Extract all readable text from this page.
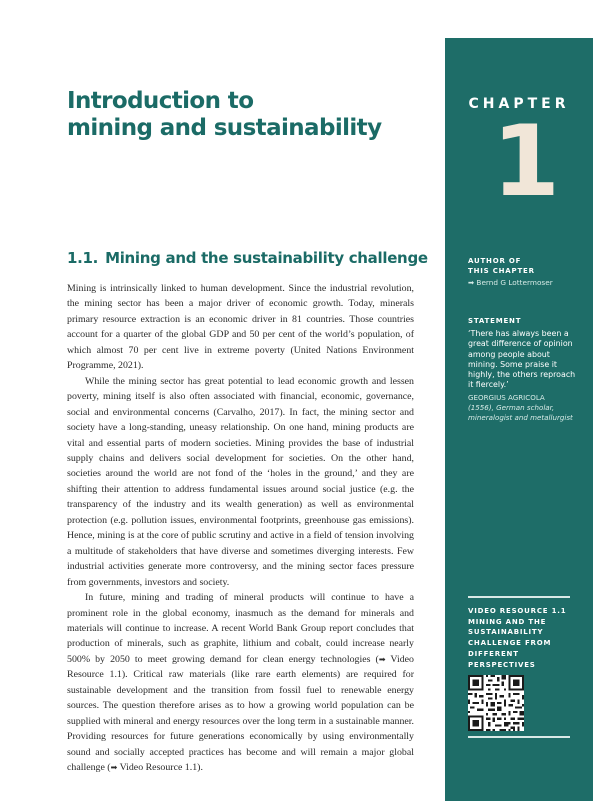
Introduction to
mining and sustainability
1.1. Mining and the sustainability challenge

Mining is intrinsically linked to human development. Since the industrial revolution, the mining sector has been a major driver of economic growth. Today, minerals primary resource extraction is an economic driver in 81 countries. Those countries account for a quarter of the global GDP and 50 per cent of the world’s population, of which almost 70 per cent live in extreme poverty (United Nations Environment Programme, 2021).

While the mining sector has great potential to lead economic growth and lessen poverty, mining itself is also often associated with financial, economic, governance, social and environmental concerns (Carvalho, 2017). In fact, the mining sector and society have a long-standing, uneasy relationship. On one hand, mining products are vital and essential parts of modern societies. Mining provides the base of industrial supply chains and delivers social development for societies. On the other hand, societies around the world are not fond of the ‘holes in the ground,’ and they are shifting their attention to address fundamental issues around social justice (e.g. the transparency of the industry and its wealth generation) as well as environmental protection (e.g. pollution issues, environmental footprints, greenhouse gas emissions). Hence, mining is at the core of public scrutiny and active in a field of tension involving a multitude of stakeholders that have diverse and sometimes diverging interests. Few industrial activities generate more controversy, and the mining sector faces pressure from governments, investors and society.

In future, mining and trading of mineral products will continue to have a prominent role in the global economy, inasmuch as the demand for minerals and materials will continue to increase. A recent World Bank Group report concludes that production of minerals, such as graphite, lithium and cobalt, could increase nearly 500% by 2050 to meet growing demand for clean energy technologies (➡ Video Resource 1.1). Critical raw materials (like rare earth elements) are required for sustainable development and the transition from fossil fuel to renewable energy sources. The question therefore arises as to how a growing world population can be supplied with mineral and energy resources over the long term in a sustainable manner. Providing resources for future generations economically by using environmentally sound and socially accepted practices has become and will remain a major global challenge (➡ Video Resource 1.1).

CHAPTER
1
AUTHOR OF
THIS CHAPTER
➡ Bernd G Lottermoser
STATEMENT
‘There has always been a great difference of opinion among people about mining. Some praise it highly, the others reproach it fiercely.’
GEORGIUS AGRICOLA
(1556), German scholar, mineralogist and metallurgist
VIDEO RESOURCE 1.1 MINING AND THE SUSTAINABILITY CHALLENGE FROM DIFFERENT PERSPECTIVES
